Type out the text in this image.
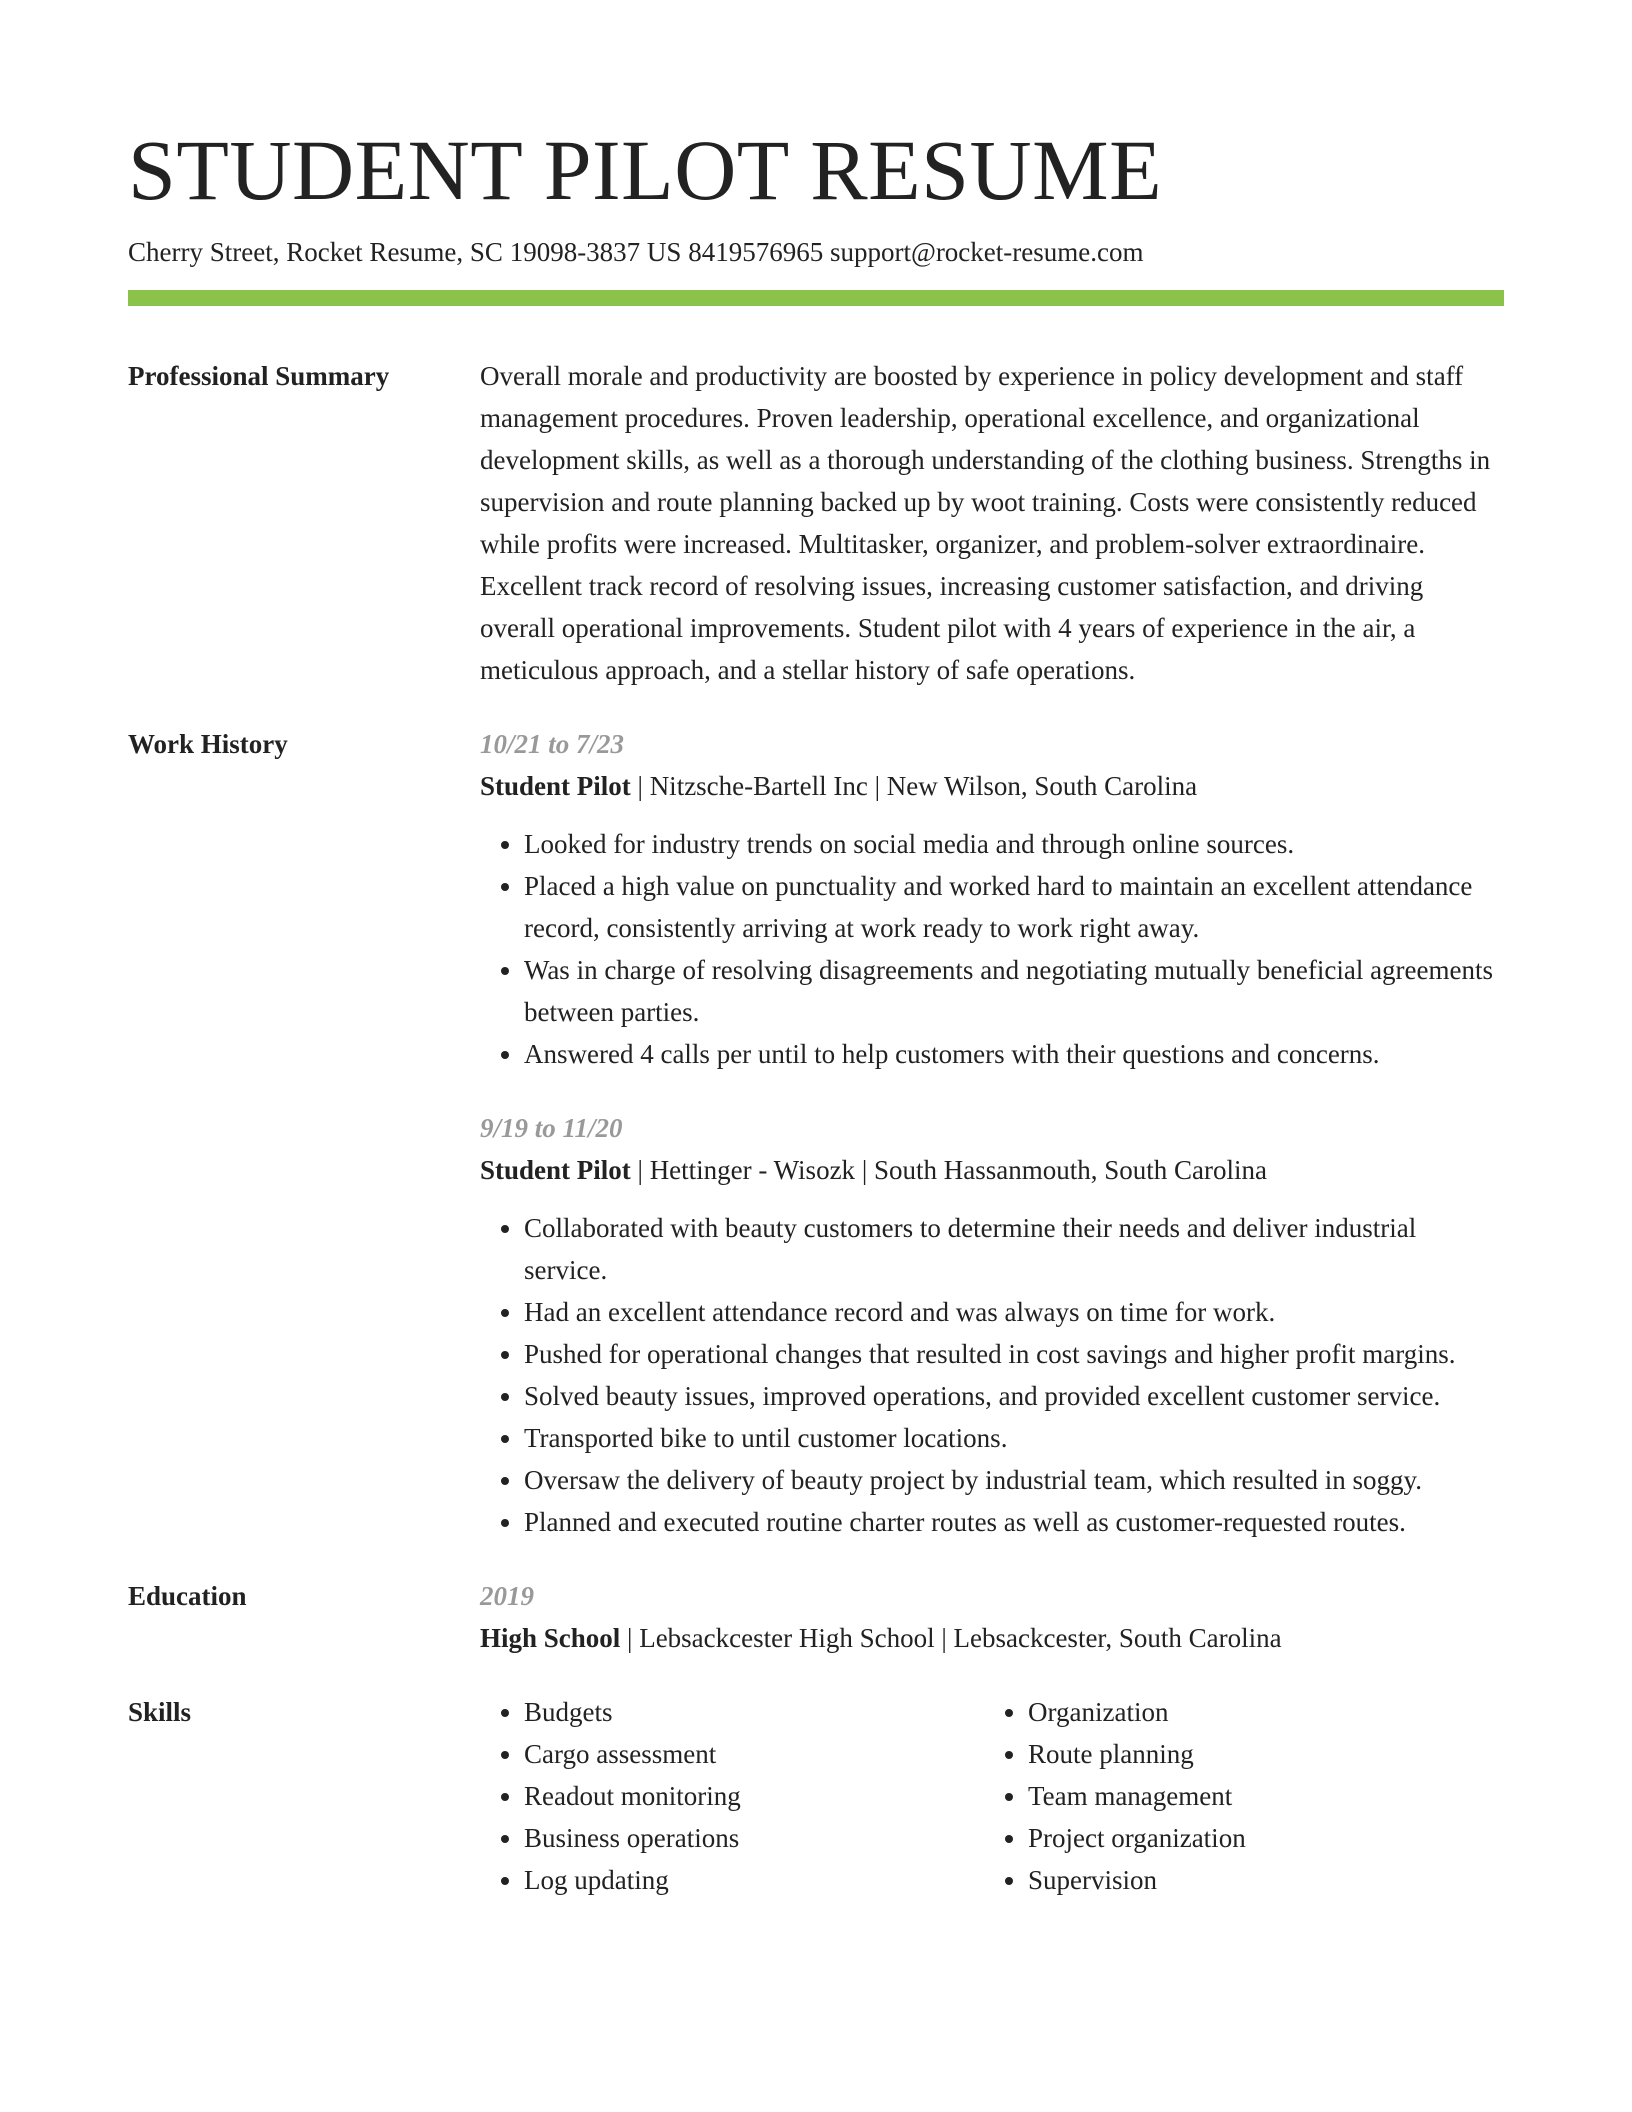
STUDENT PILOT RESUME
Cherry Street, Rocket Resume, SC 19098-3837 US 8419576965 support@rocket-resume.com
Professional Summary	Overall morale and productivity are boosted by experience in policy development and staff management procedures. Proven leadership, operational excellence, and organizational development skills, as well as a thorough understanding of the clothing business. Strengths in supervision and route planning backed up by woot training. Costs were consistently reduced while profits were increased. Multitasker, organizer, and problem-solver extraordinaire. Excellent track record of resolving issues, increasing customer satisfaction, and driving overall operational improvements. Student pilot with 4 years of experience in the air, a meticulous approach, and a stellar history of safe operations.
Work History	10/21 to 7/23
Student Pilot | Nitzsche-Bartell Inc | New Wilson, South Carolina
• Looked for industry trends on social media and through online sources.
• Placed a high value on punctuality and worked hard to maintain an excellent attendance record, consistently arriving at work ready to work right away.
• Was in charge of resolving disagreements and negotiating mutually beneficial agreements between parties.
• Answered 4 calls per until to help customers with their questions and concerns.
9/19 to 11/20
Student Pilot | Hettinger - Wisozk | South Hassanmouth, South Carolina
• Collaborated with beauty customers to determine their needs and deliver industrial service.
• Had an excellent attendance record and was always on time for work.
• Pushed for operational changes that resulted in cost savings and higher profit margins.
• Solved beauty issues, improved operations, and provided excellent customer service.
• Transported bike to until customer locations.
• Oversaw the delivery of beauty project by industrial team, which resulted in soggy.
• Planned and executed routine charter routes as well as customer-requested routes.
Education	2019
High School | Lebsackcester High School | Lebsackcester, South Carolina
Skills	• Budgets
• Cargo assessment
• Readout monitoring
• Business operations
• Log updating
• Organization
• Route planning
• Team management
• Project organization
• Supervision
